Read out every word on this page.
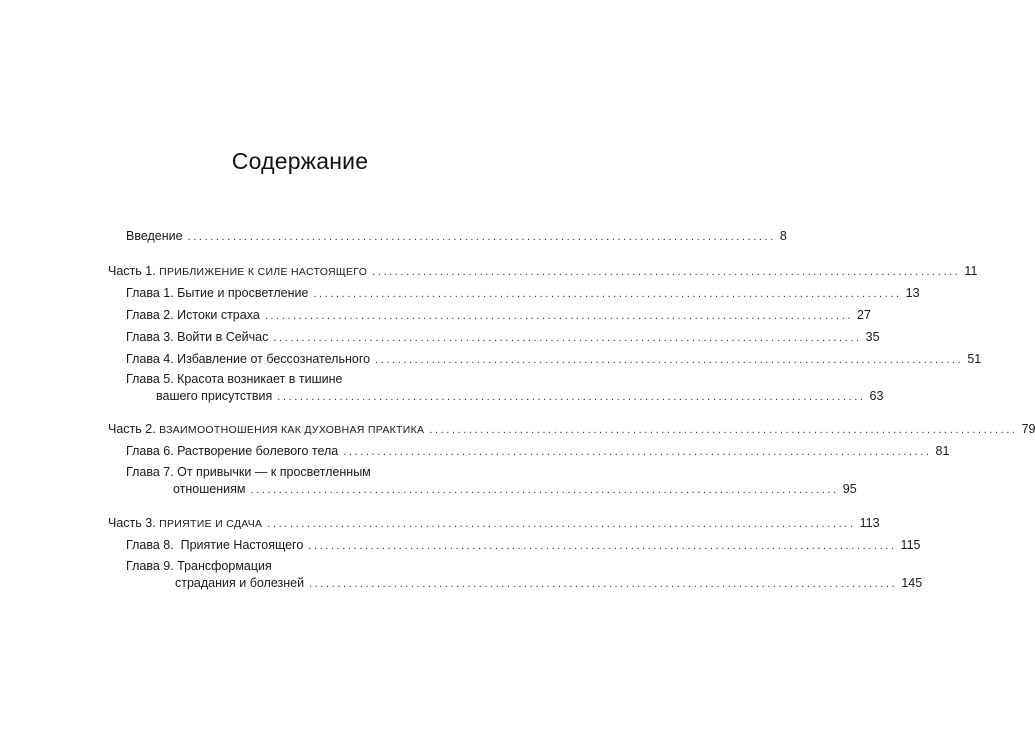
Содержание
Введение ........................................................................................................ 8
Часть 1. ПРИБЛИЖЕНИЕ К СИЛЕ НАСТОЯЩЕГО ........................................................................................................ 11
Глава 1. Бытие и просветление ........................................................................................................ 13
Глава 2. Истоки страха ........................................................................................................ 27
Глава 3. Войти в Сейчас ........................................................................................................ 35
Глава 4. Избавление от бессознательного ........................................................................................................ 51
Глава 5. Красота возникает в тишине
вашего присутствия ........................................................................................................ 63
Часть 2. ВЗАИМООТНОШЕНИЯ КАК ДУХОВНАЯ ПРАКТИКА ........................................................................................................ 79
Глава 6. Растворение болевого тела ........................................................................................................ 81
Глава 7. От привычки — к просветленным
отношениям ........................................................................................................ 95
Часть 3. ПРИЯТИЕ И СДАЧА ........................................................................................................ 113
Глава 8.  Приятие Настоящего ........................................................................................................ 115
Глава 9. Трансформация
страдания и болезней ........................................................................................................ 145
